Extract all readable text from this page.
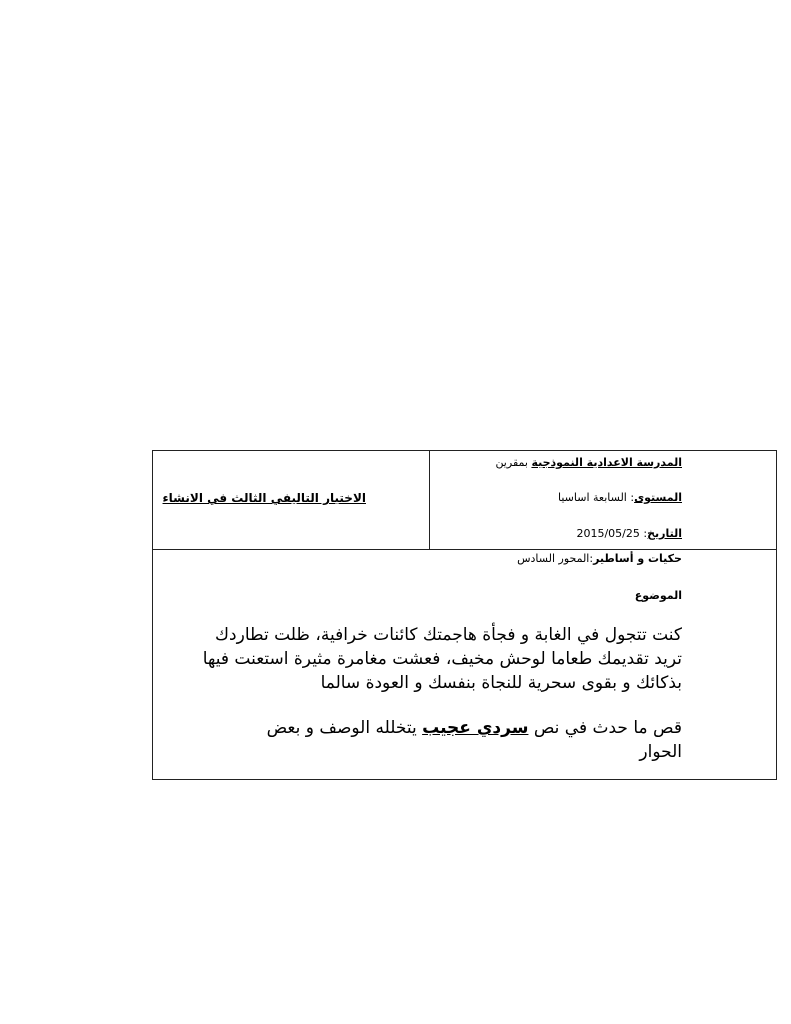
المدرسة الاعدادية النموذجية بمقرين
المستوى: السابعة اساسيا
التاريخ: 2015/05/25
الاختبار التاليفي الثالث في الانشاء
حكيات و أساطير:المحور السادس
الموضوع
كنت تتجول في الغابة و فجأة هاجمتك كائنات خرافية، ظلت تطاردك
تريد تقديمك طعاما لوحش مخيف، فعشت مغامرة مثيرة استعنت فيها
بذكائك و بقوى سحرية للنجاة بنفسك و العودة سالما
قص ما حدث في نص سردي عجيب يتخلله الوصف و بعض
الحوار
